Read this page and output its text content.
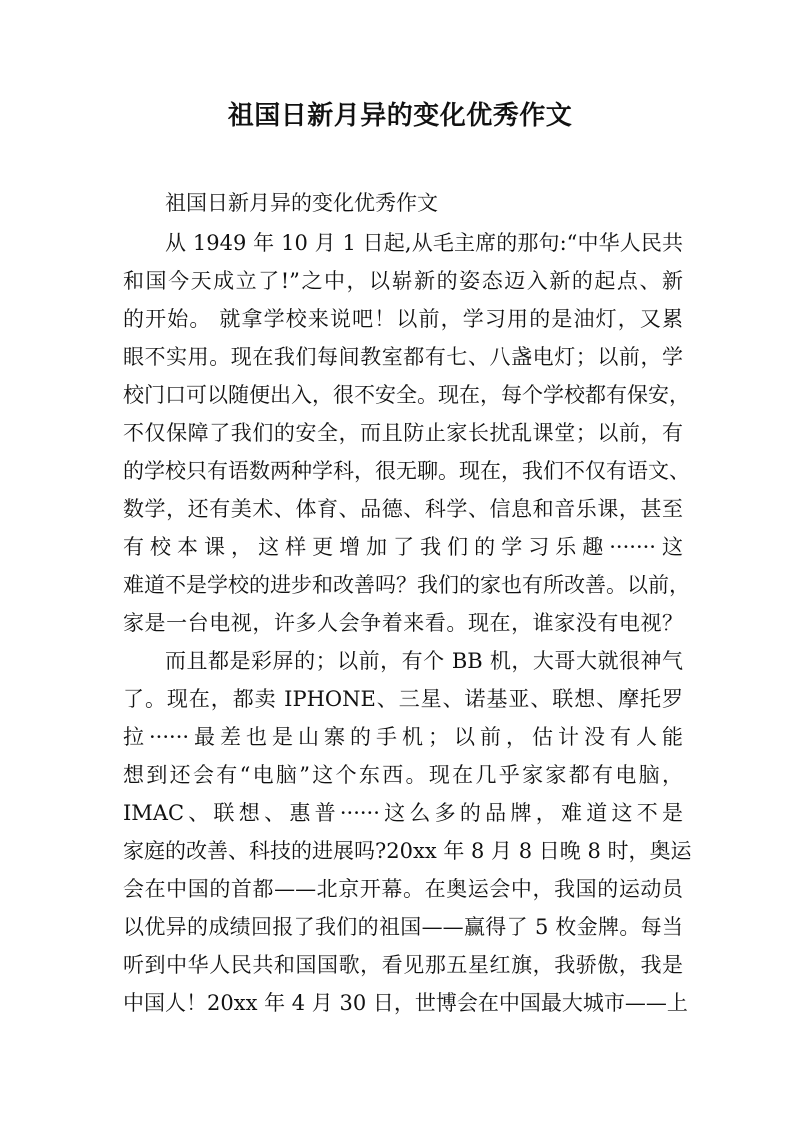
祖国日新月异的变化优秀作文
祖国日新月异的变化优秀作文
从 1949 年 10 月 1 日起,从毛主席的那句:“中华人民共
和国今天成立了!”之中，以崭新的姿态迈入新的起点、新
的开始。 就拿学校来说吧！以前，学习用的是油灯，又累
眼不实用。现在我们每间教室都有七、八盏电灯；以前，学
校门口可以随便出入，很不安全。现在，每个学校都有保安，
不仅保障了我们的安全，而且防止家长扰乱课堂；以前，有
的学校只有语数两种学科，很无聊。现在，我们不仅有语文、
数学，还有美术、体育、品德、科学、信息和音乐课，甚至
有校本课，这样更增加了我们的学习乐趣·······这
难道不是学校的进步和改善吗？我们的家也有所改善。以前，
家是一台电视，许多人会争着来看。现在，谁家没有电视？
而且都是彩屏的；以前，有个 BB 机，大哥大就很神气
了。现在，都卖 IPHONE、三星、诺基亚、联想、摩托罗
拉······最差也是山寨的手机；以前，估计没有人能
想到还会有“电脑”这个东西。现在几乎家家都有电脑，
IMAC、联想、惠普······这么多的品牌，难道这不是
家庭的改善、科技的进展吗?20xx 年 8 月 8 日晚 8 时，奥运
会在中国的首都——北京开幕。在奥运会中，我国的运动员
以优异的成绩回报了我们的祖国——赢得了 5 枚金牌。每当
听到中华人民共和国国歌，看见那五星红旗，我骄傲，我是
中国人！20xx 年 4 月 30 日，世博会在中国最大城市——上
